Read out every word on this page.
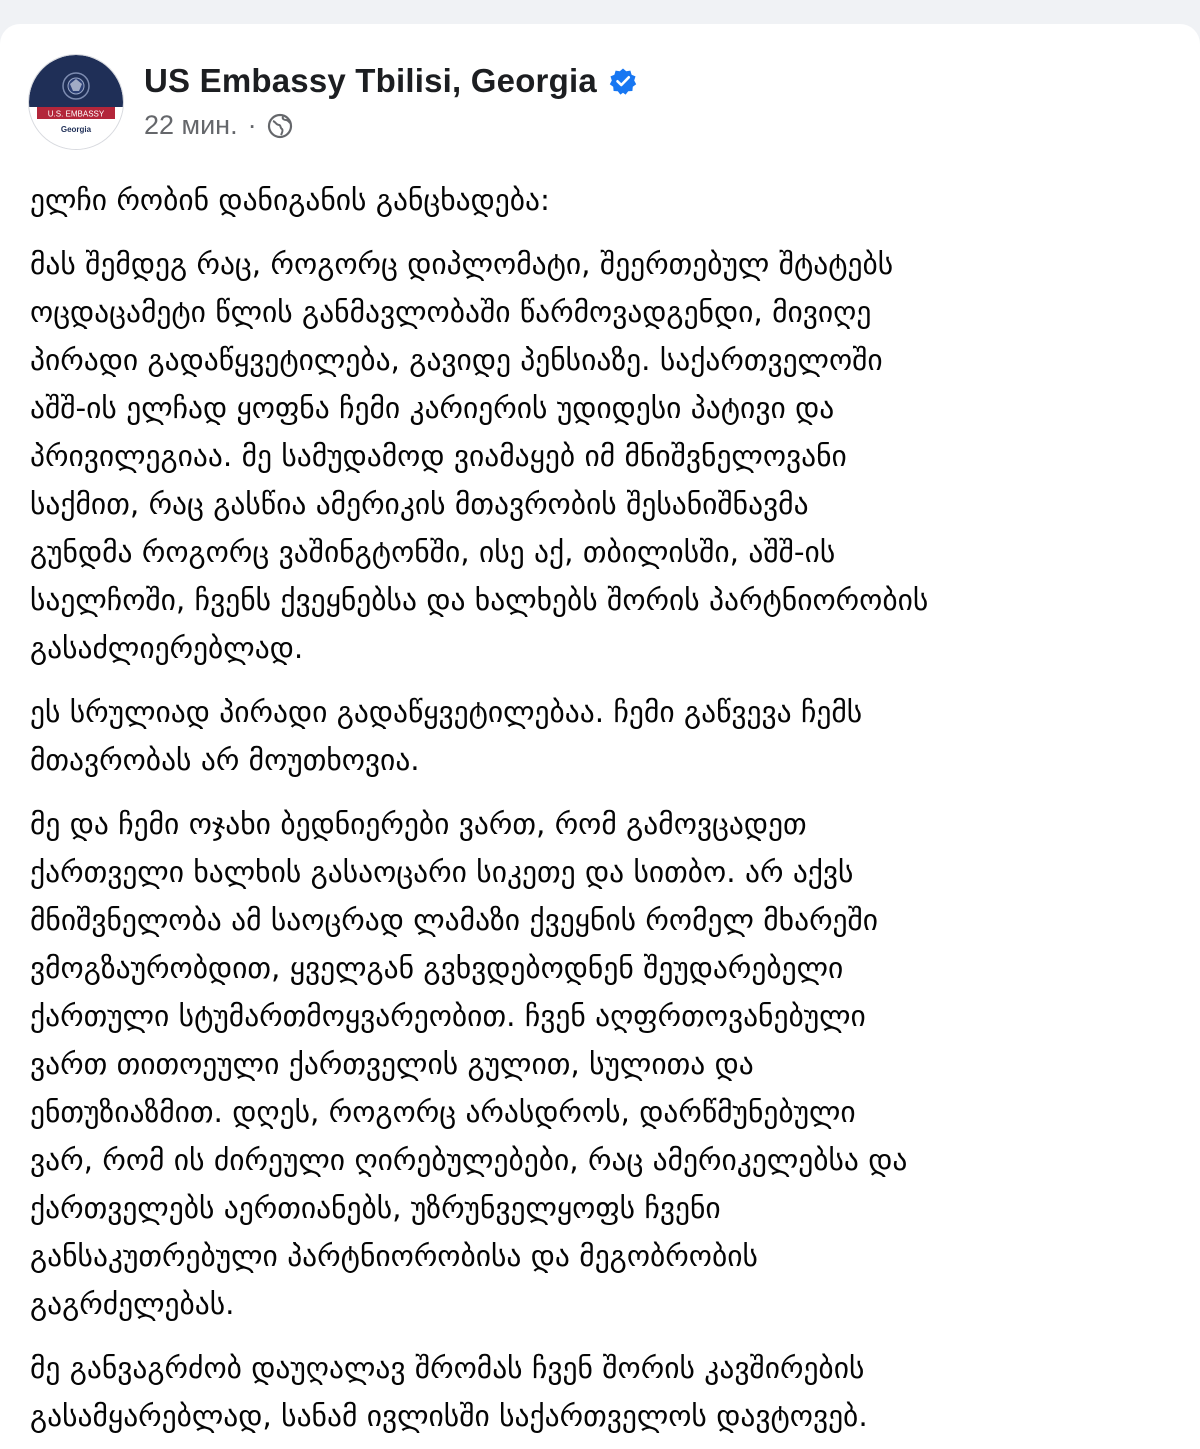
U.S. EMBASSY
Georgia
US Embassy Tbilisi, Georgia
22 мин. ·

ელჩი რობინ დანიგანის განცხადება:

მას შემდეგ რაც, როგორც დიპლომატი, შეერთებულ შტატებს
ოცდაცამეტი წლის განმავლობაში წარმოვადგენდი, მივიღე
პირადი გადაწყვეტილება, გავიდე პენსიაზე. საქართველოში
აშშ-ის ელჩად ყოფნა ჩემი კარიერის უდიდესი პატივი და
პრივილეგიაა. მე სამუდამოდ ვიამაყებ იმ მნიშვნელოვანი
საქმით, რაც გასწია ამერიკის მთავრობის შესანიშნავმა
გუნდმა როგორც ვაშინგტონში, ისე აქ, თბილისში, აშშ-ის
საელჩოში, ჩვენს ქვეყნებსა და ხალხებს შორის პარტნიორობის
გასაძლიერებლად.

ეს სრულიად პირადი გადაწყვეტილებაა. ჩემი გაწვევა ჩემს
მთავრობას არ მოუთხოვია.

მე და ჩემი ოჯახი ბედნიერები ვართ, რომ გამოვცადეთ
ქართველი ხალხის გასაოცარი სიკეთე და სითბო. არ აქვს
მნიშვნელობა ამ საოცრად ლამაზი ქვეყნის რომელ მხარეში
ვმოგზაურობდით, ყველგან გვხვდებოდნენ შეუდარებელი
ქართული სტუმართმოყვარეობით. ჩვენ აღფრთოვანებული
ვართ თითოეული ქართველის გულით, სულითა და
ენთუზიაზმით. დღეს, როგორც არასდროს, დარწმუნებული
ვარ, რომ ის ძირეული ღირებულებები, რაც ამერიკელებსა და
ქართველებს აერთიანებს, უზრუნველყოფს ჩვენი
განსაკუთრებული პარტნიორობისა და მეგობრობის
გაგრძელებას.

მე განვაგრძობ დაუღალავ შრომას ჩვენ შორის კავშირების
გასამყარებლად, სანამ ივლისში საქართველოს დავტოვებ.
